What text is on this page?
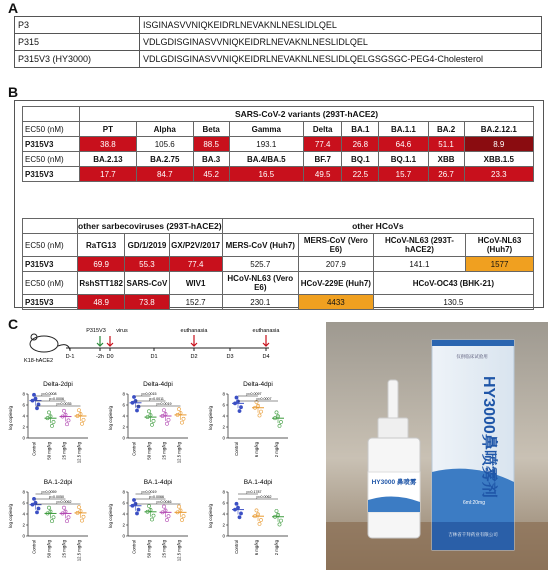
A
B
C
P3	ISGINASVVNIQKEIDRLNEVAKNLNESLIDLQEL
P315	VDLGDISGINASVVNIQKEIDRLNEVAKNLNESLIDLQEL
P315V3 (HY3000)	VDLGDISGINASVVNIQKEIDRLNEVAKNLNESLIDLQELGSGSGC-PEG4-Cholesterol
	SARS-CoV-2 variants (293T-hACE2)								
EC50 (nM)	PT	Alpha	Beta	Gamma	Delta	BA.1	BA.1.1	BA.2	BA.2.12.1
P315V3	38.8	105.6	88.5	193.1	77.4	26.8	64.6	51.1	8.9
EC50 (nM)	BA.2.13	BA.2.75	BA.3	BA.4/BA.5	BF.7	BQ.1	BQ.1.1	XBB	XBB.1.5
P315V3	17.7	84.7	45.2	16.5	49.5	22.5	15.7	26.7	23.3
	other sarbecoviruses (293T-hACE2)			other HCoVs			
EC50 (nM)	RaTG13	GD/1/2019	GX/P2V/2017	MERS-CoV (Huh7)	MERS-CoV (Vero E6)	HCoV-NL63 (293T-hACE2)	HCoV-NL63 (Huh7)
P315V3	69.9	55.3	77.4	525.7	207.9	141.1	1577
EC50 (nM)	RshSTT182	SARS-CoV	WIV1	HCoV-NL63 (Vero E6)	HCoV-229E (Huh7)	HCoV-OC43 (BHK-21)	
P315V3	48.9	73.8	152.7	230.1	4433	130.5	
K18-hACE2
D-1	-2h D0	D1	D2	D3	D4
P315V3 virus	euthanasia	euthanasia
Delta-2dpi
log copies/g
0
2
4
6
8
Control 50 mg/kg 25 mg/kg 12.5 mg/kg
p=0.0008
p=0.0006
p=0.0035
Delta-4dpi
log copies/g
0
2
4
6
8
Control 50 mg/kg 25 mg/kg 12.5 mg/kg
p=0.0015
p=0.0011
p=0.0019
Delta-4dpi
log copies/g
0
2
4
6
8
Control	6 mg/kg	2 mg/kg
p=0.0097
p=0.0007
BA.1-2dpi
log copies/g
0
2
4
6
8
Control 50 mg/kg 25 mg/kg 12.5 mg/kg
p=0.0059
p=0.0050
p=0.0062
BA.1-4dpi
log copies/g
0
2
4
6
8
Control 50 mg/kg 25 mg/kg 12.5 mg/kg
p=0.0019
p=0.0066
p=0.0046
BA.1-4dpi
log copies/g
0
2
4
6
8
Control	6 mg/kg	2 mg/kg
p=0.1787
p=0.0062
仅供临床试验用
HY3000鼻喷雾剂
6ml:20mg
吉林省千拜药业有限公司
HY3000 鼻喷雾
